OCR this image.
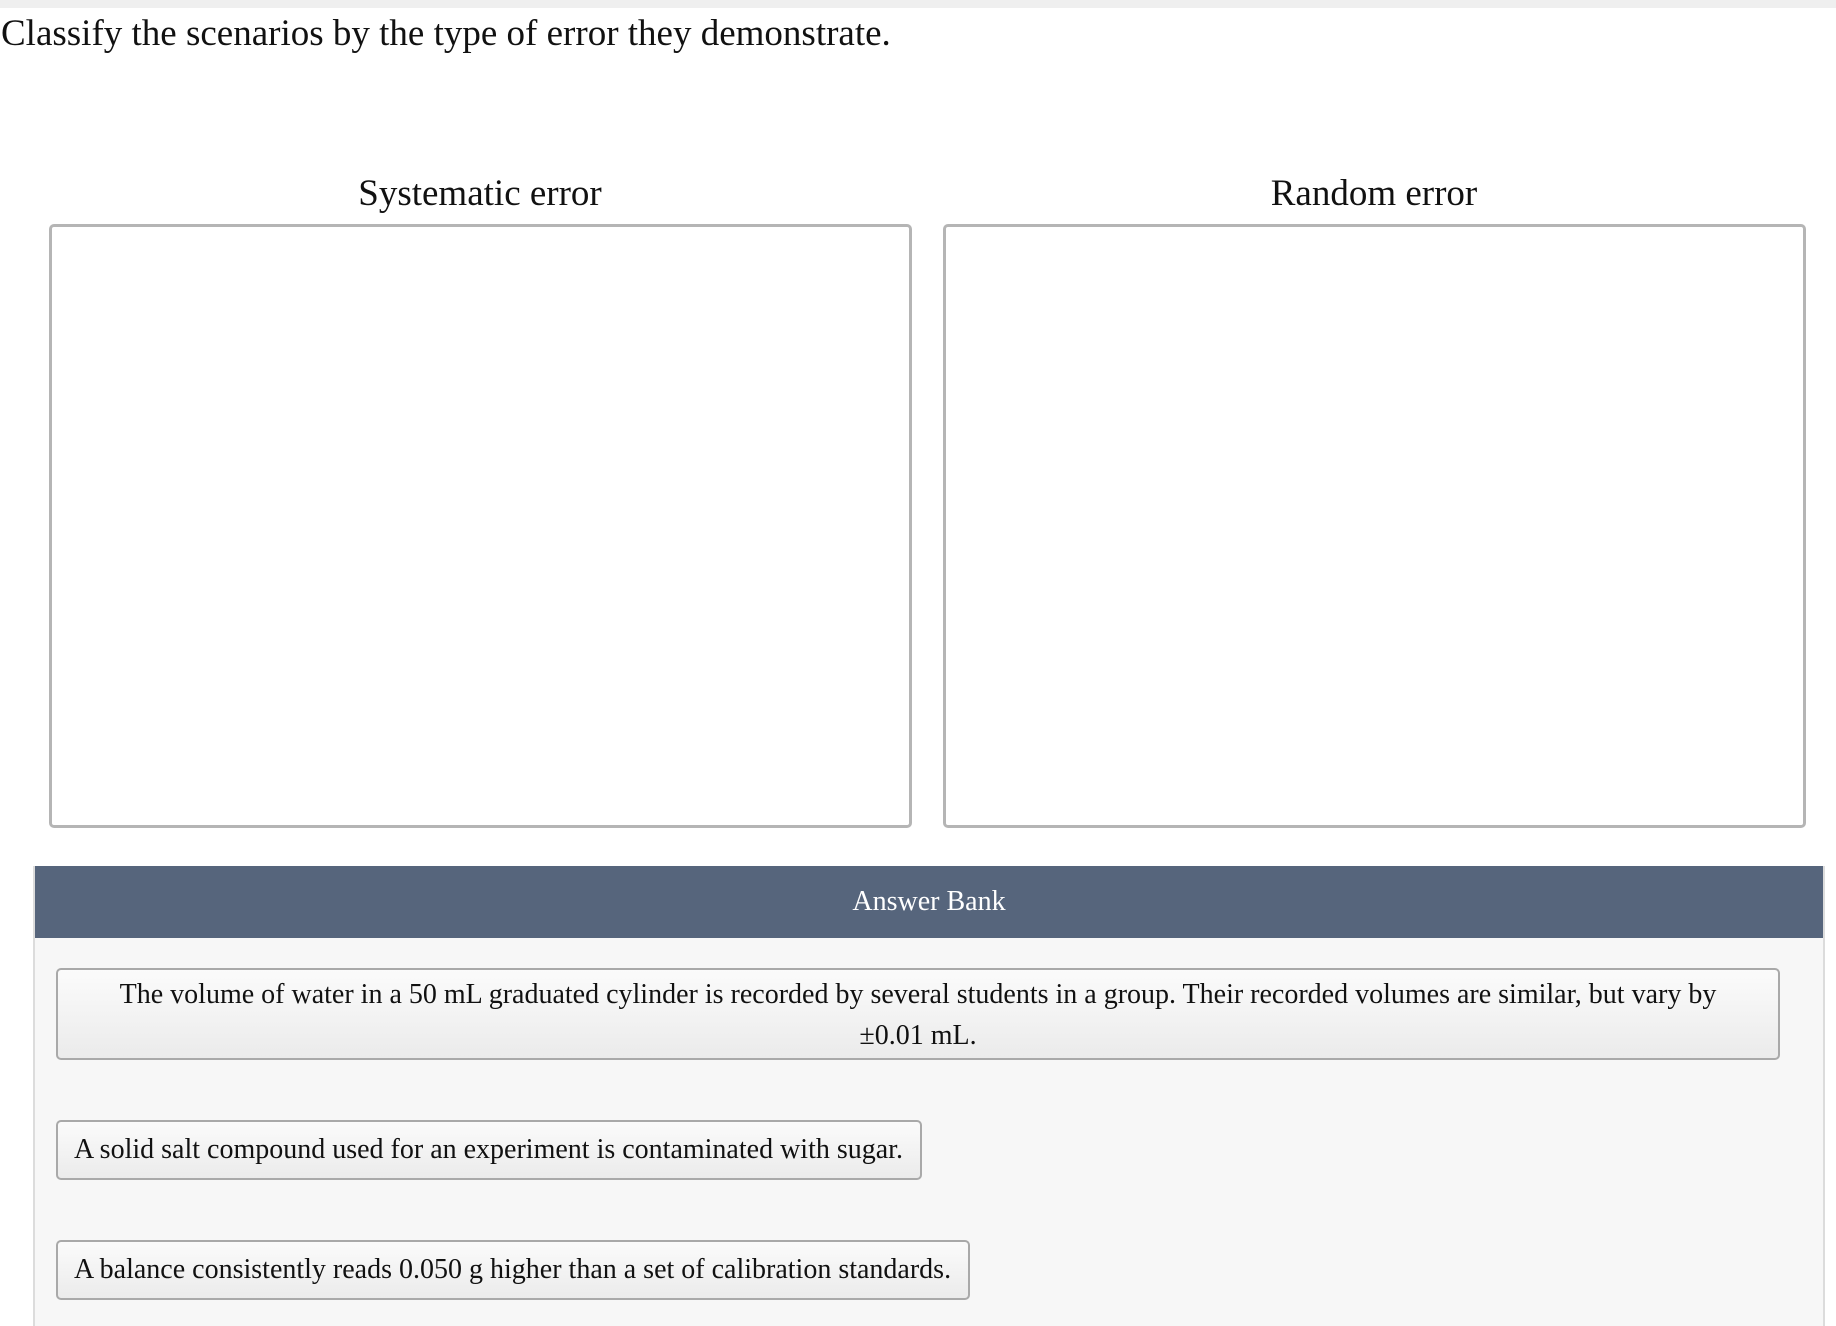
Classify the scenarios by the type of error they demonstrate.
Systematic error	Random error
Answer Bank
The volume of water in a 50 mL graduated cylinder is recorded by several students in a group. Their recorded volumes are similar, but vary by ±0.01 mL.
A solid salt compound used for an experiment is contaminated with sugar.
A balance consistently reads 0.050 g higher than a set of calibration standards.
